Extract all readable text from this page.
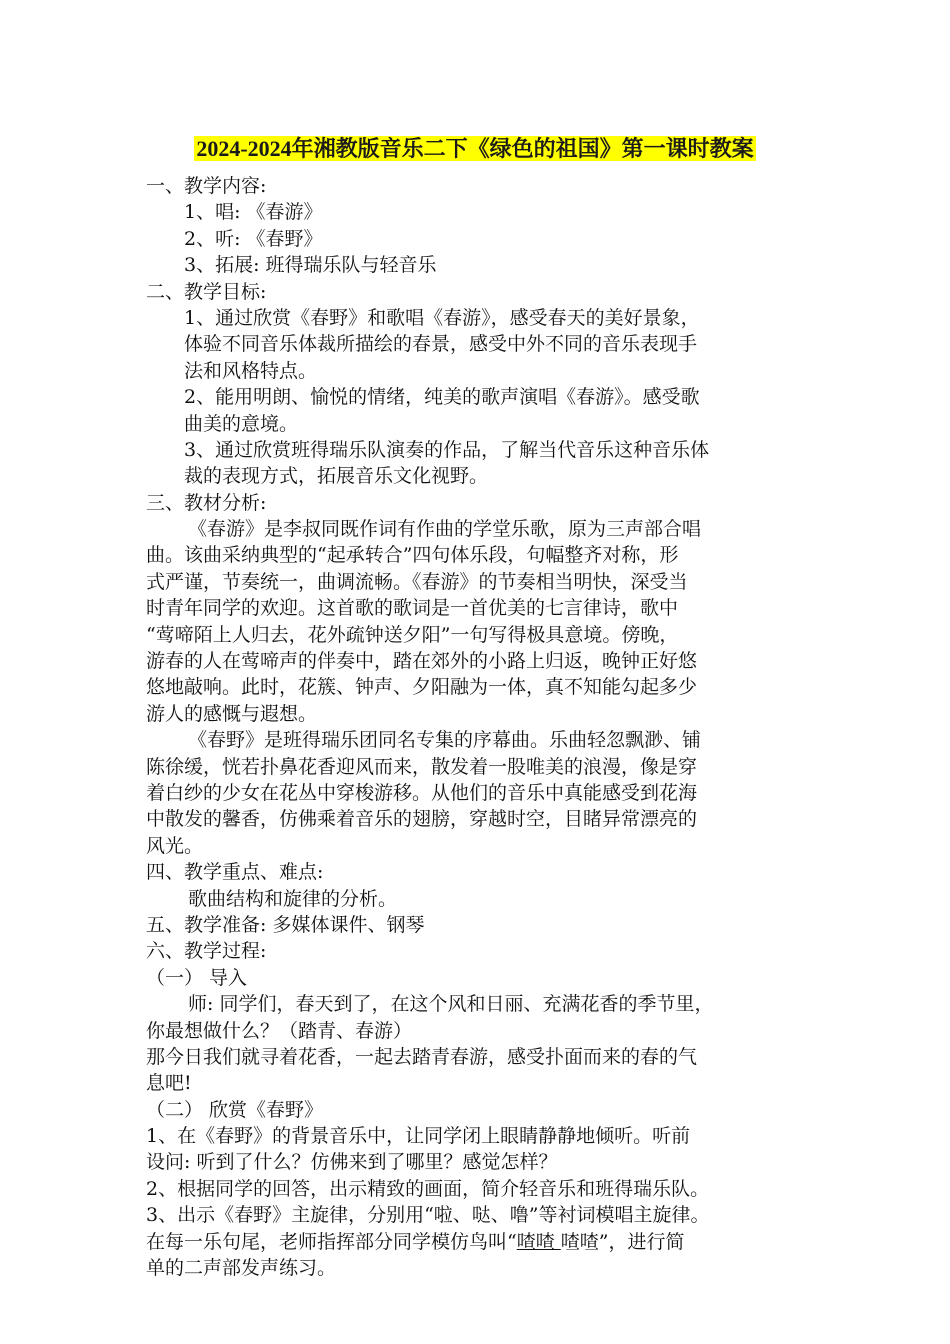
2024-2024年湘教版音乐二下《绿色的祖国》第一课时教案
一、教学内容:
1、唱: 《春游》
2、听: 《春野》
3、拓展: 班得瑞乐队与轻音乐
二、教学目标:
1、通过欣赏《春野》和歌唱《春游》，感受春天的美好景象，
体验不同音乐体裁所描绘的春景，感受中外不同的音乐表现手
法和风格特点。
2、能用明朗、愉悦的情绪，纯美的歌声演唱《春游》。感受歌
曲美的意境。
3、通过欣赏班得瑞乐队演奏的作品，了解当代音乐这种音乐体
裁的表现方式，拓展音乐文化视野。
三、教材分析:
《春游》是李叔同既作词有作曲的学堂乐歌，原为三声部合唱
曲。该曲采纳典型的“起承转合”四句体乐段，句幅整齐对称，形
式严谨，节奏统一，曲调流畅。《春游》的节奏相当明快，深受当
时青年同学的欢迎。这首歌的歌词是一首优美的七言律诗，歌中
“莺啼陌上人归去，花外疏钟送夕阳”一句写得极具意境。傍晚，
游春的人在莺啼声的伴奏中，踏在郊外的小路上归返，晚钟正好悠
悠地敲响。此时，花簇、钟声、夕阳融为一体，真不知能勾起多少
游人的感慨与遐想。
《春野》是班得瑞乐团同名专集的序幕曲。乐曲轻忽飘渺、铺
陈徐缓，恍若扑鼻花香迎风而来，散发着一股唯美的浪漫，像是穿
着白纱的少女在花丛中穿梭游移。从他们的音乐中真能感受到花海
中散发的馨香，仿佛乘着音乐的翅膀，穿越时空，目睹异常漂亮的
风光。
四、教学重点、难点:
歌曲结构和旋律的分析。
五、教学准备: 多媒体课件、钢琴
六、教学过程:
（一） 导入
师: 同学们，春天到了，在这个风和日丽、充满花香的季节里，
你最想做什么？（踏青、春游）
那今日我们就寻着花香，一起去踏青春游，感受扑面而来的春的气
息吧!
（二） 欣赏《春野》
1、在《春野》的背景音乐中，让同学闭上眼睛静静地倾听。听前
设问: 听到了什么？仿佛来到了哪里？感觉怎样？
2、根据同学的回答，出示精致的画面，简介轻音乐和班得瑞乐队。
3、出示《春野》主旋律，分别用“啦、哒、噜”等衬词模唱主旋律。
在每一乐句尾，老师指挥部分同学模仿鸟叫“喳喳 喳喳”，进行简
单的二声部发声练习。
